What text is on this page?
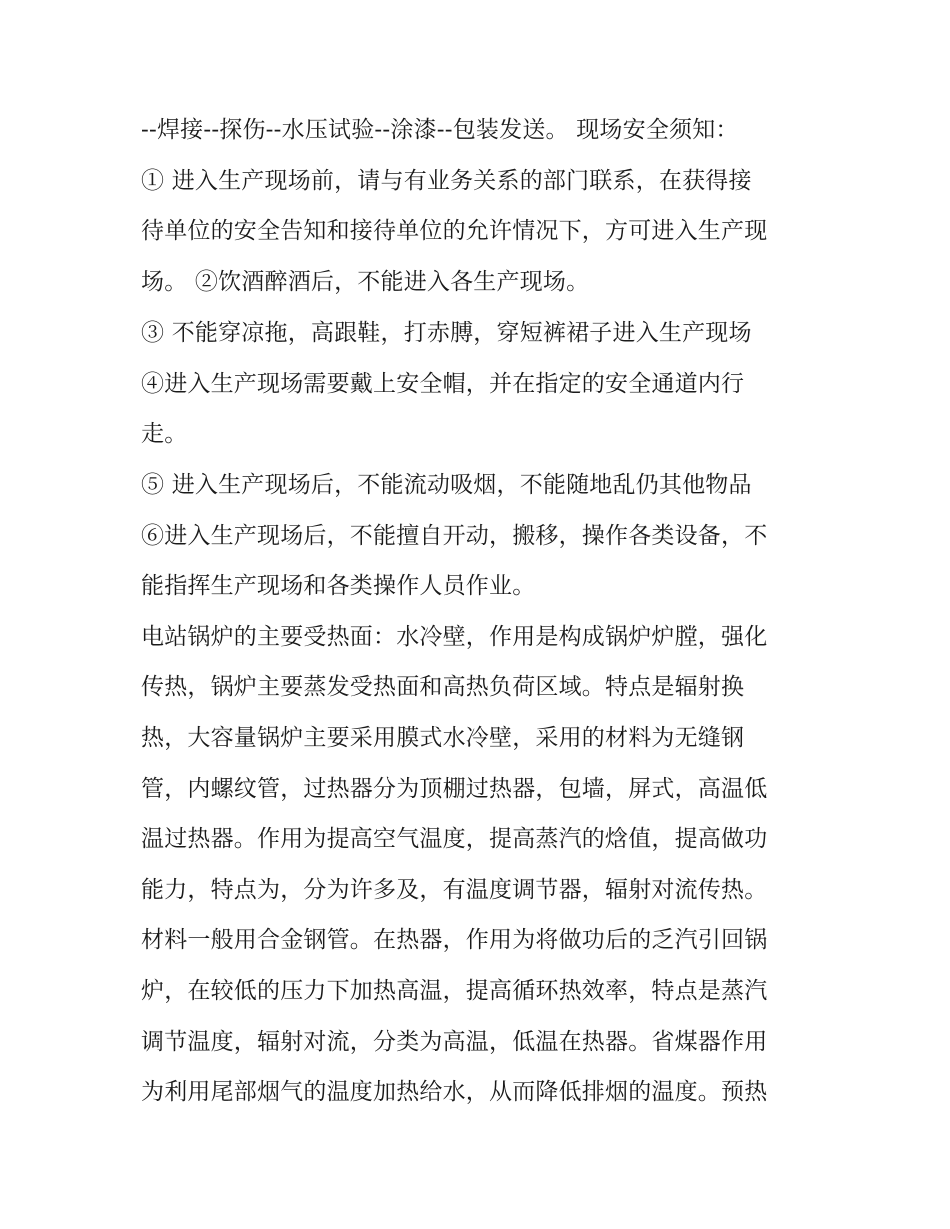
--焊接--探伤--水压试验--涂漆--包装发送。 现场安全须知：
① 进入生产现场前，请与有业务关系的部门联系，在获得接
待单位的安全告知和接待单位的允许情况下，方可进入生产现
场。 ②饮酒醉酒后，不能进入各生产现场。
③ 不能穿凉拖，高跟鞋，打赤膊，穿短裤裙子进入生产现场
④进入生产现场需要戴上安全帽，并在指定的安全通道内行
走。
⑤ 进入生产现场后，不能流动吸烟，不能随地乱仍其他物品
⑥进入生产现场后，不能擅自开动，搬移，操作各类设备，不
能指挥生产现场和各类操作人员作业。
电站锅炉的主要受热面：水冷壁，作用是构成锅炉炉膛，强化
传热，锅炉主要蒸发受热面和高热负荷区域。特点是辐射换
热，大容量锅炉主要采用膜式水冷壁，采用的材料为无缝钢
管，内螺纹管，过热器分为顶棚过热器，包墙，屏式，高温低
温过热器。作用为提高空气温度，提高蒸汽的焓值，提高做功
能力，特点为，分为许多及，有温度调节器，辐射对流传热。
材料一般用合金钢管。在热器，作用为将做功后的乏汽引回锅
炉，在较低的压力下加热高温，提高循环热效率，特点是蒸汽
调节温度，辐射对流，分类为高温，低温在热器。省煤器作用
为利用尾部烟气的温度加热给水，从而降低排烟的温度。预热
